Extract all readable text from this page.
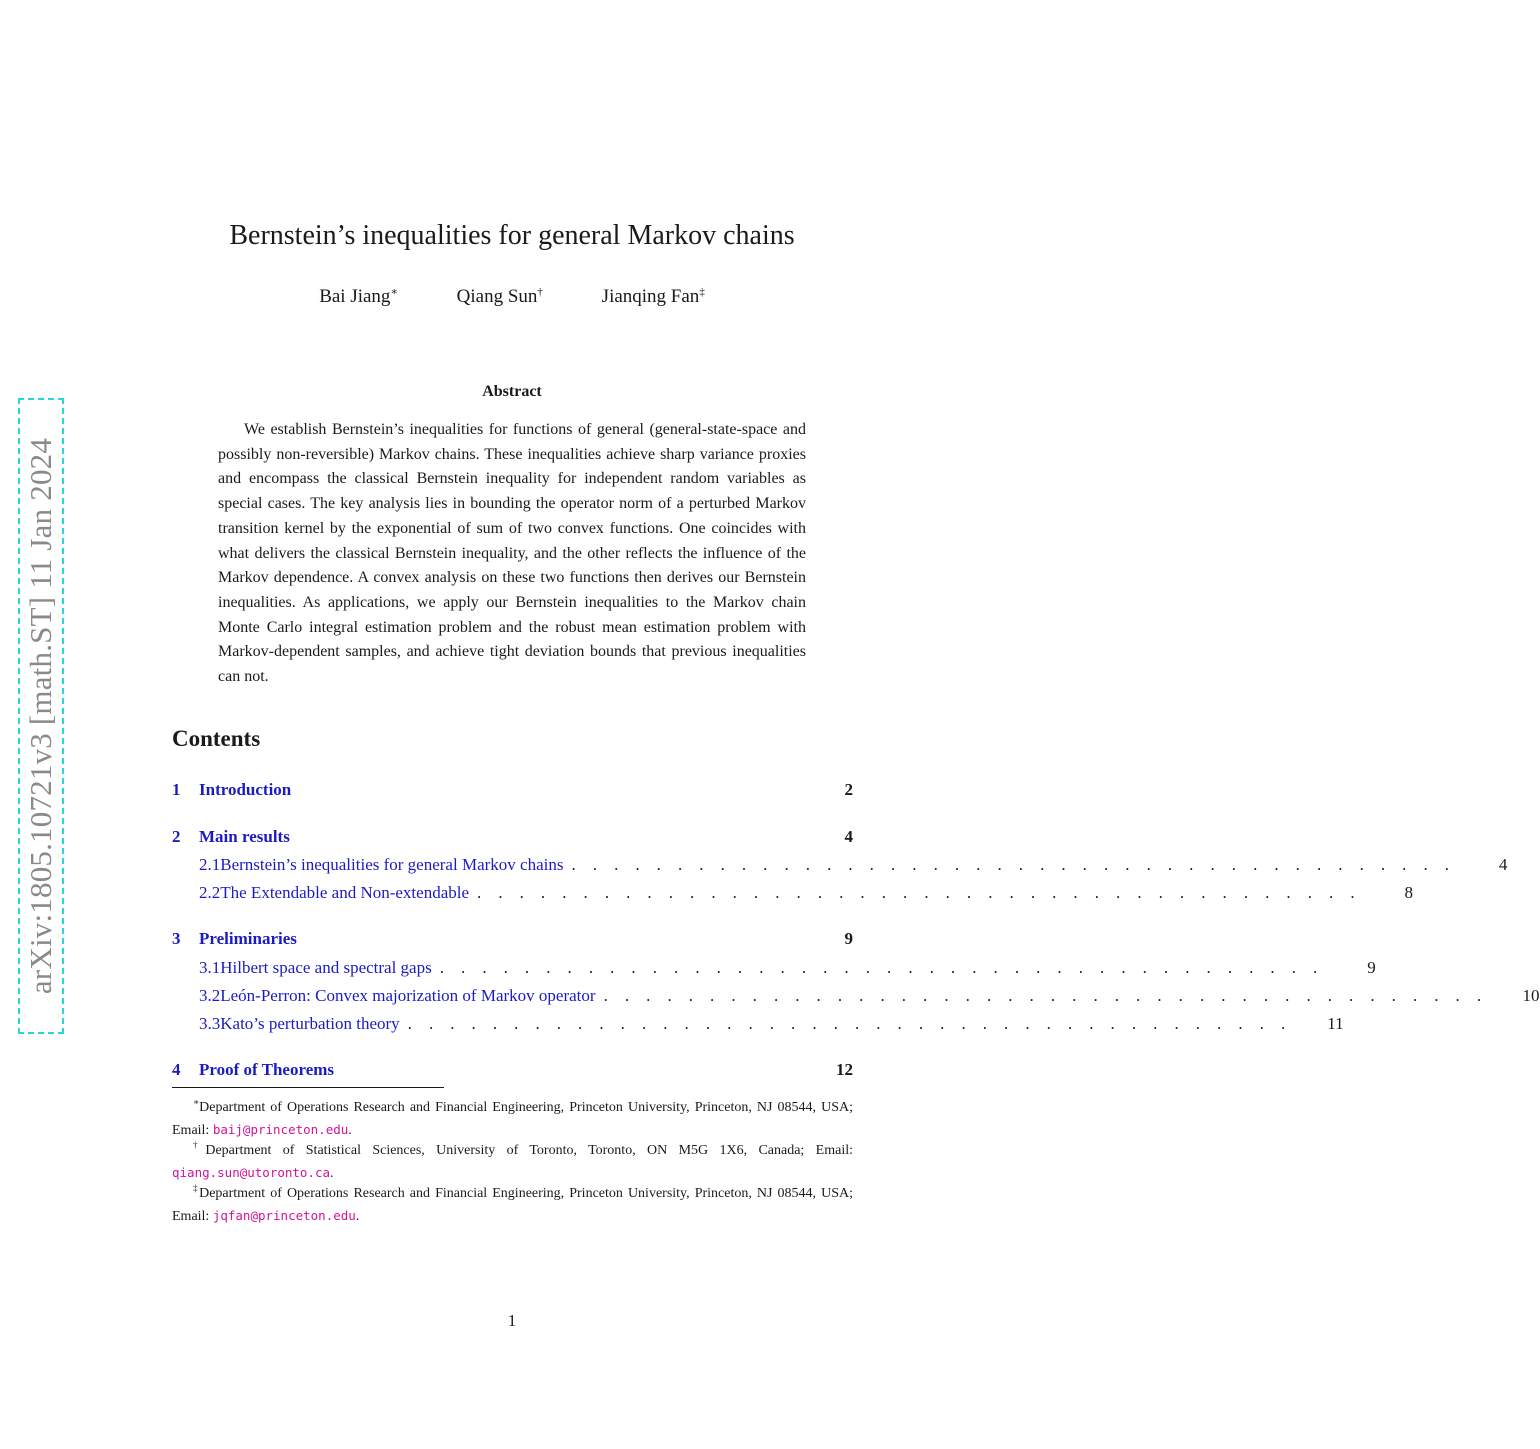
arXiv:1805.10721v3 [math.ST] 11 Jan 2024
Bernstein’s inequalities for general Markov chains
Bai Jiang∗	Qiang Sun†	Jianqing Fan‡
Abstract

We establish Bernstein’s inequalities for functions of general (general-state-space and possibly non-reversible) Markov chains. These inequalities achieve sharp variance proxies and encompass the classical Bernstein inequality for independent random variables as special cases. The key analysis lies in bounding the operator norm of a perturbed Markov transition kernel by the exponential of sum of two convex functions. One coincides with what delivers the classical Bernstein inequality, and the other reflects the influence of the Markov dependence. A convex analysis on these two functions then derives our Bernstein inequalities. As applications, we apply our Bernstein inequalities to the Markov chain Monte Carlo integral estimation problem and the robust mean estimation problem with Markov-dependent samples, and achieve tight deviation bounds that previous inequalities can not.

Contents
1	Introduction	2
2	Main results	4
2.1 Bernstein’s inequalities for general Markov chains . . . . . . . . . . . . . . . . . . . . . . . . . . . . . . . . . . . . . . . . . .	4
2.2 The Extendable and Non-extendable . . . . . . . . . . . . . . . . . . . . . . . . . . . . . . . . . . . . . . . . . .	8
3	Preliminaries	9
3.1 Hilbert space and spectral gaps . . . . . . . . . . . . . . . . . . . . . . . . . . . . . . . . . . . . . . . . . .	9
3.2 León-Perron: Convex majorization of Markov operator . . . . . . . . . . . . . . . . . . . . . . . . . . . . . . . . . . . . . . . . . . 10
3.3 Kato’s perturbation theory . . . . . . . . . . . . . . . . . . . . . . . . . . . . . . . . . . . . . . . . . .	11
4	Proof of Theorems	12
∗Department of Operations Research and Financial Engineering, Princeton University, Princeton, NJ 08544, USA; Email: baij@princeton.edu.
†Department of Statistical Sciences, University of Toronto, Toronto, ON M5G 1X6, Canada; Email: qiang.sun@utoronto.ca.
‡Department of Operations Research and Financial Engineering, Princeton University, Princeton, NJ 08544, USA; Email: jqfan@princeton.edu.
1
